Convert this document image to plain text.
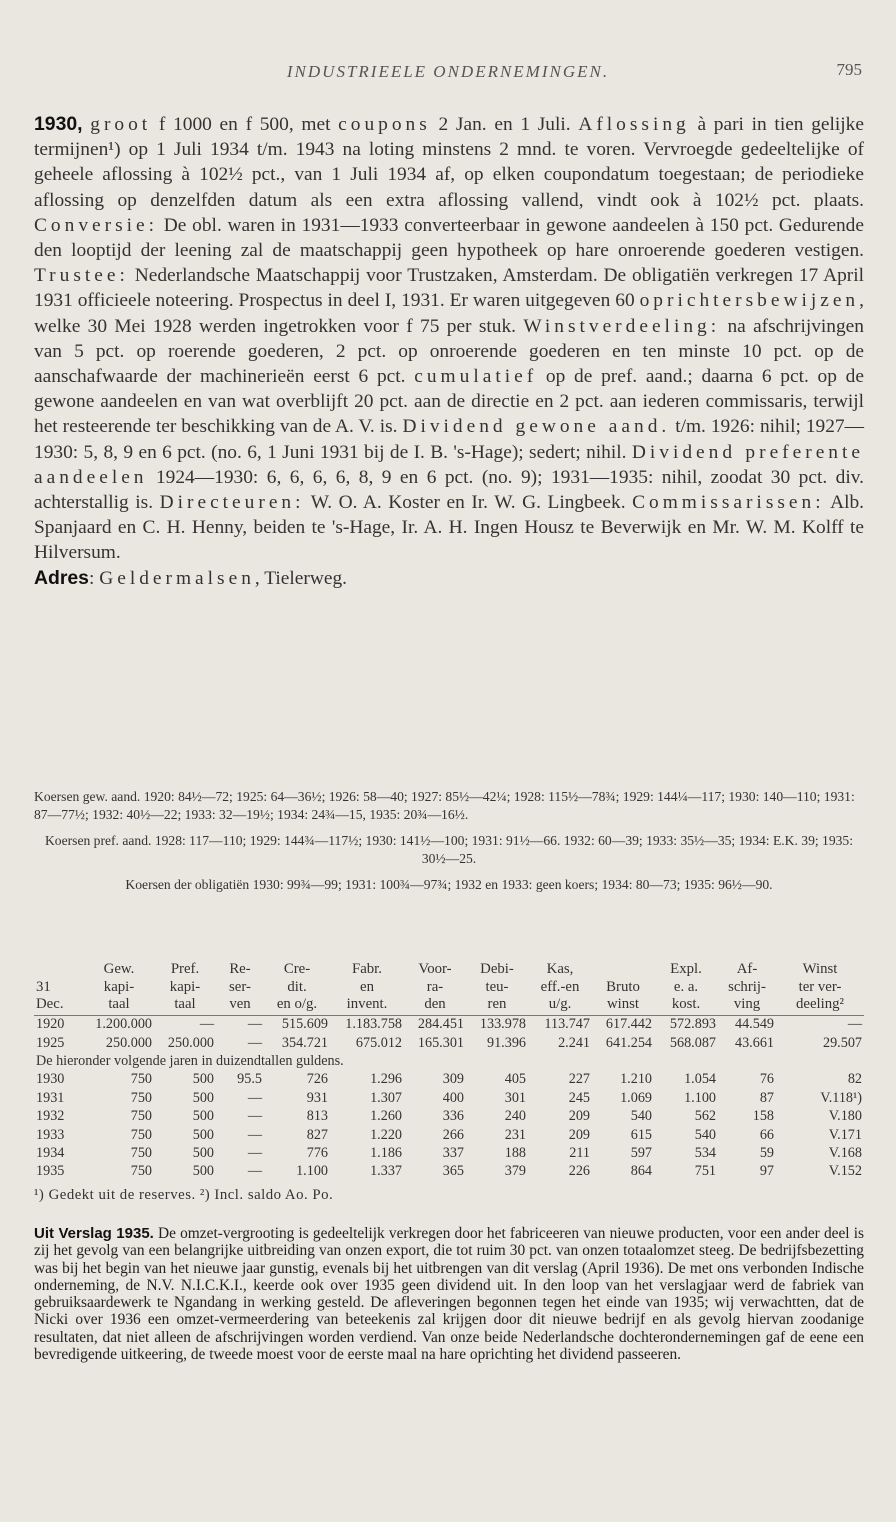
INDUSTRIEELE ONDERNEMINGEN.	795

1930, groot f 1000 en f 500, met coupons 2 Jan. en 1 Juli. Aflossing à pari in tien gelijke termijnen¹) op 1 Juli 1934 t/m. 1943 na loting minstens 2 mnd. te voren. Vervroegde gedeeltelijke of geheele aflossing à 102½ pct., van 1 Juli 1934 af, op elken coupondatum toegestaan; de periodieke aflossing op denzelfden datum als een extra aflossing vallend, vindt ook à 102½ pct. plaats. Conversie: De obl. waren in 1931—1933 converteerbaar in gewone aandeelen à 150 pct. Gedurende den looptijd der leening zal de maatschappij geen hypotheek op hare onroerende goederen vestigen. Trustee: Nederlandsche Maatschappij voor Trustzaken, Amsterdam. De obligatiën verkregen 17 April 1931 officieele noteering. Prospectus in deel I, 1931. Er waren uitgegeven 60 oprichtersbewijzen, welke 30 Mei 1928 werden ingetrokken voor f 75 per stuk. Winstverdeeling: na afschrijvingen van 5 pct. op roerende goederen, 2 pct. op onroerende goederen en ten minste 10 pct. op de aanschafwaarde der machinerieën eerst 6 pct. cumulatief op de pref. aand.; daarna 6 pct. op de gewone aandeelen en van wat overblijft 20 pct. aan de directie en 2 pct. aan iederen commissaris, terwijl het resteerende ter beschikking van de A. V. is. Dividend gewone aand. t/m. 1926: nihil; 1927—1930: 5, 8, 9 en 6 pct. (no. 6, 1 Juni 1931 bij de I. B. 's-Hage); sedert; nihil. Dividend preferente aandeelen 1924—1930: 6, 6, 6, 6, 8, 9 en 6 pct. (no. 9); 1931—1935: nihil, zoodat 30 pct. div. achterstallig is. Directeuren: W. O. A. Koster en Ir. W. G. Lingbeek. Commissarissen: Alb. Spanjaard en C. H. Henny, beiden te 's-Hage, Ir. A. H. Ingen Housz te Beverwijk en Mr. W. M. Kolff te Hilversum.

Adres: Geldermalsen, Tielerweg.

Koersen gew. aand. 1920: 84½—72; 1925: 64—36½; 1926: 58—40; 1927: 85½—42¼; 1928: 115½—78¾; 1929: 144¼—117; 1930: 140—110; 1931: 87—77½; 1932: 40½—22; 1933: 32—19½; 1934: 24¾—15, 1935: 20¾—16½.

Koersen pref. aand. 1928: 117—110; 1929: 144¾—117½; 1930: 141½—100; 1931: 91½—66. 1932: 60—39; 1933: 35½—35; 1934: E.K. 39; 1935: 30½—25.

Koersen der obligatiën 1930: 99¾—99; 1931: 100¾—97¾; 1932 en 1933: geen koers; 1934: 80—73; 1935: 96½—90.

	Gew.	Pref.	Re-	Cre-	Fabr.	Voor-	Debi-	Kas,		Expl.	Af-	Winst
31	kapi-	kapi-	ser-	dit.	en	ra-	teu-	eff.-en	Bruto	e. a.	schrij-	ter ver-
Dec.	taal	taal	ven	en o/g.	invent.	den	ren	u/g.	winst	kost.	ving	deeling²
1920	1.200.000	—	—	515.609	1.183.758	284.451	133.978	113.747	617.442	572.893	44.549	—
1925	250.000	250.000	—	354.721	675.012	165.301	91.396	2.241	641.254	568.087	43.661	29.507
De hieronder volgende jaren in duizendtallen guldens.												
1930	750	500	95.5	726	1.296	309	405	227	1.210	1.054	76	82
1931	750	500	—	931	1.307	400	301	245	1.069	1.100	87	V.118¹)
1932	750	500	—	813	1.260	336	240	209	540	562	158	V.180
1933	750	500	—	827	1.220	266	231	209	615	540	66	V.171
1934	750	500	—	776	1.186	337	188	211	597	534	59	V.168
1935	750	500	—	1.100	1.337	365	379	226	864	751	97	V.152
¹) Gedekt uit de reserves. ²) Incl. saldo Ao. Po.
Uit Verslag 1935. De omzet-vergrooting is gedeeltelijk verkregen door het fabriceeren van nieuwe producten, voor een ander deel is zij het gevolg van een belangrijke uitbreiding van onzen export, die tot ruim 30 pct. van onzen totaalomzet steeg. De bedrijfsbezetting was bij het begin van het nieuwe jaar gunstig, evenals bij het uitbrengen van dit verslag (April 1936). De met ons verbonden Indische onderneming, de N.V. N.I.C.K.I., keerde ook over 1935 geen dividend uit. In den loop van het verslagjaar werd de fabriek van gebruiksaardewerk te Ngandang in werking gesteld. De afleveringen begonnen tegen het einde van 1935; wij verwachtten, dat de Nicki over 1936 een omzet-vermeerdering van beteekenis zal krijgen door dit nieuwe bedrijf en als gevolg hiervan zoodanige resultaten, dat niet alleen de afschrijvingen worden verdiend. Van onze beide Nederlandsche dochterondernemingen gaf de eene een bevredigende uitkeering, de tweede moest voor de eerste maal na hare oprichting het dividend passeeren.
